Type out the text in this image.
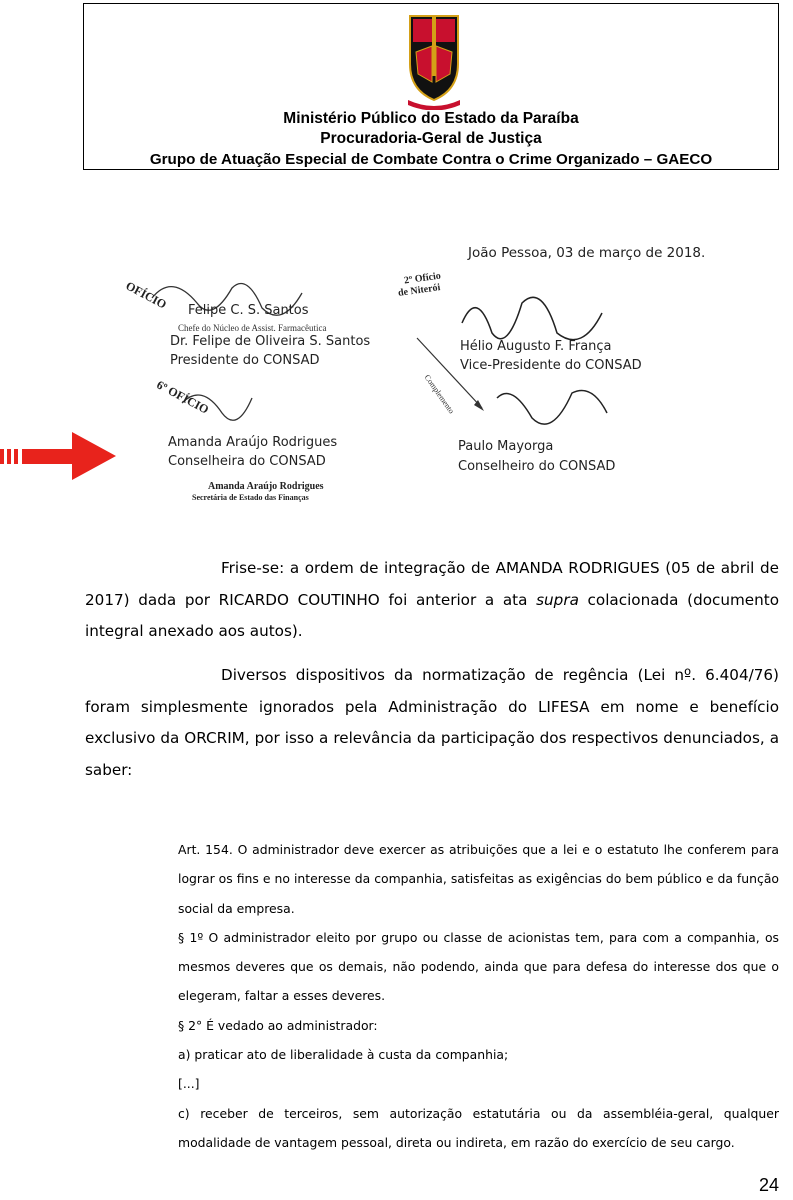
Ministério Público do Estado da Paraíba
Procuradoria-Geral de Justiça
Grupo de Atuação Especial de Combate Contra o Crime Organizado – GAECO
João Pessoa, 03 de março de 2018.
OFÍCIO Felipe C. S. Santos
Chefe do Núcleo de Assist. Farmacêutica
Dr. Felipe de Oliveira S. Santos
Presidente do CONSAD
6º OFÍCIO
Amanda Araújo Rodrigues
Conselheira do CONSAD
Amanda Araújo Rodrigues
Secretária de Estado das Finanças
2º Ofício
de Niterói
Hélio Augusto F. França
Vice-Presidente do CONSAD
Complemento
Paulo Mayorga
Conselheiro do CONSAD
Frise-se: a ordem de integração de AMANDA RODRIGUES (05 de abril de 2017) dada por RICARDO COUTINHO foi anterior a ata supra colacionada (documento integral anexado aos autos).
Diversos dispositivos da normatização de regência (Lei nº. 6.404/76) foram simplesmente ignorados pela Administração do LIFESA em nome e benefício exclusivo da ORCRIM, por isso a relevância da participação dos respectivos denunciados, a saber:

Art. 154. O administrador deve exercer as atribuições que a lei e o estatuto lhe conferem para lograr os fins e no interesse da companhia, satisfeitas as exigências do bem público e da função social da empresa.

§ 1º O administrador eleito por grupo ou classe de acionistas tem, para com a companhia, os mesmos deveres que os demais, não podendo, ainda que para defesa do interesse dos que o elegeram, faltar a esses deveres.

§ 2° É vedado ao administrador:

a) praticar ato de liberalidade à custa da companhia;

[...]

c) receber de terceiros, sem autorização estatutária ou da assembléia-geral, qualquer modalidade de vantagem pessoal, direta ou indireta, em razão do exercício de seu cargo.

24
